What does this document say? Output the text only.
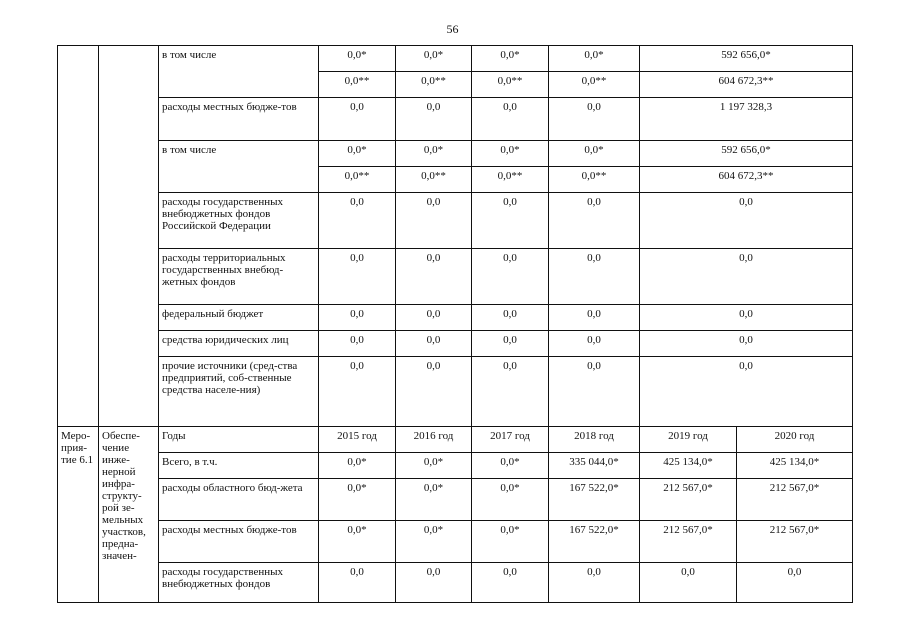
56
		в том числе	0,0*	0,0*	0,0*	0,0*	592 656,0*	
			0,0**	0,0**	0,0**	0,0**	604 672,3**	
		расходы местных бюдже-тов	0,0	0,0	0,0	0,0	1 197 328,3	
		в том числе	0,0*	0,0*	0,0*	0,0*	592 656,0*	
			0,0**	0,0**	0,0**	0,0**	604 672,3**	
		расходы государственных внебюджетных фондов Российской Федерации	0,0	0,0	0,0	0,0	0,0	
		расходы территориальных государственных внебюд-жетных фондов	0,0	0,0	0,0	0,0	0,0	
		федеральный бюджет	0,0	0,0	0,0	0,0	0,0	
		средства юридических лиц	0,0	0,0	0,0	0,0	0,0	
		прочие источники (сред-ства предприятий, соб-ственные средства населе-ния)	0,0	0,0	0,0	0,0	0,0	
Меро-прия-тие 6.1	Обеспе-чение инже-нерной инфра-структу-рой зе-мельных участков, предна-значен-	Годы	2015 год	2016 год	2017 год	2018 год	2019 год	2020 год
		Всего, в т.ч.	0,0*	0,0*	0,0*	335 044,0*	425 134,0*	425 134,0*
		расходы областного бюд-жета	0,0*	0,0*	0,0*	167 522,0*	212 567,0*	212 567,0*
		расходы местных бюдже-тов	0,0*	0,0*	0,0*	167 522,0*	212 567,0*	212 567,0*
		расходы государственных внебюджетных фондов	0,0	0,0	0,0	0,0	0,0	0,0
